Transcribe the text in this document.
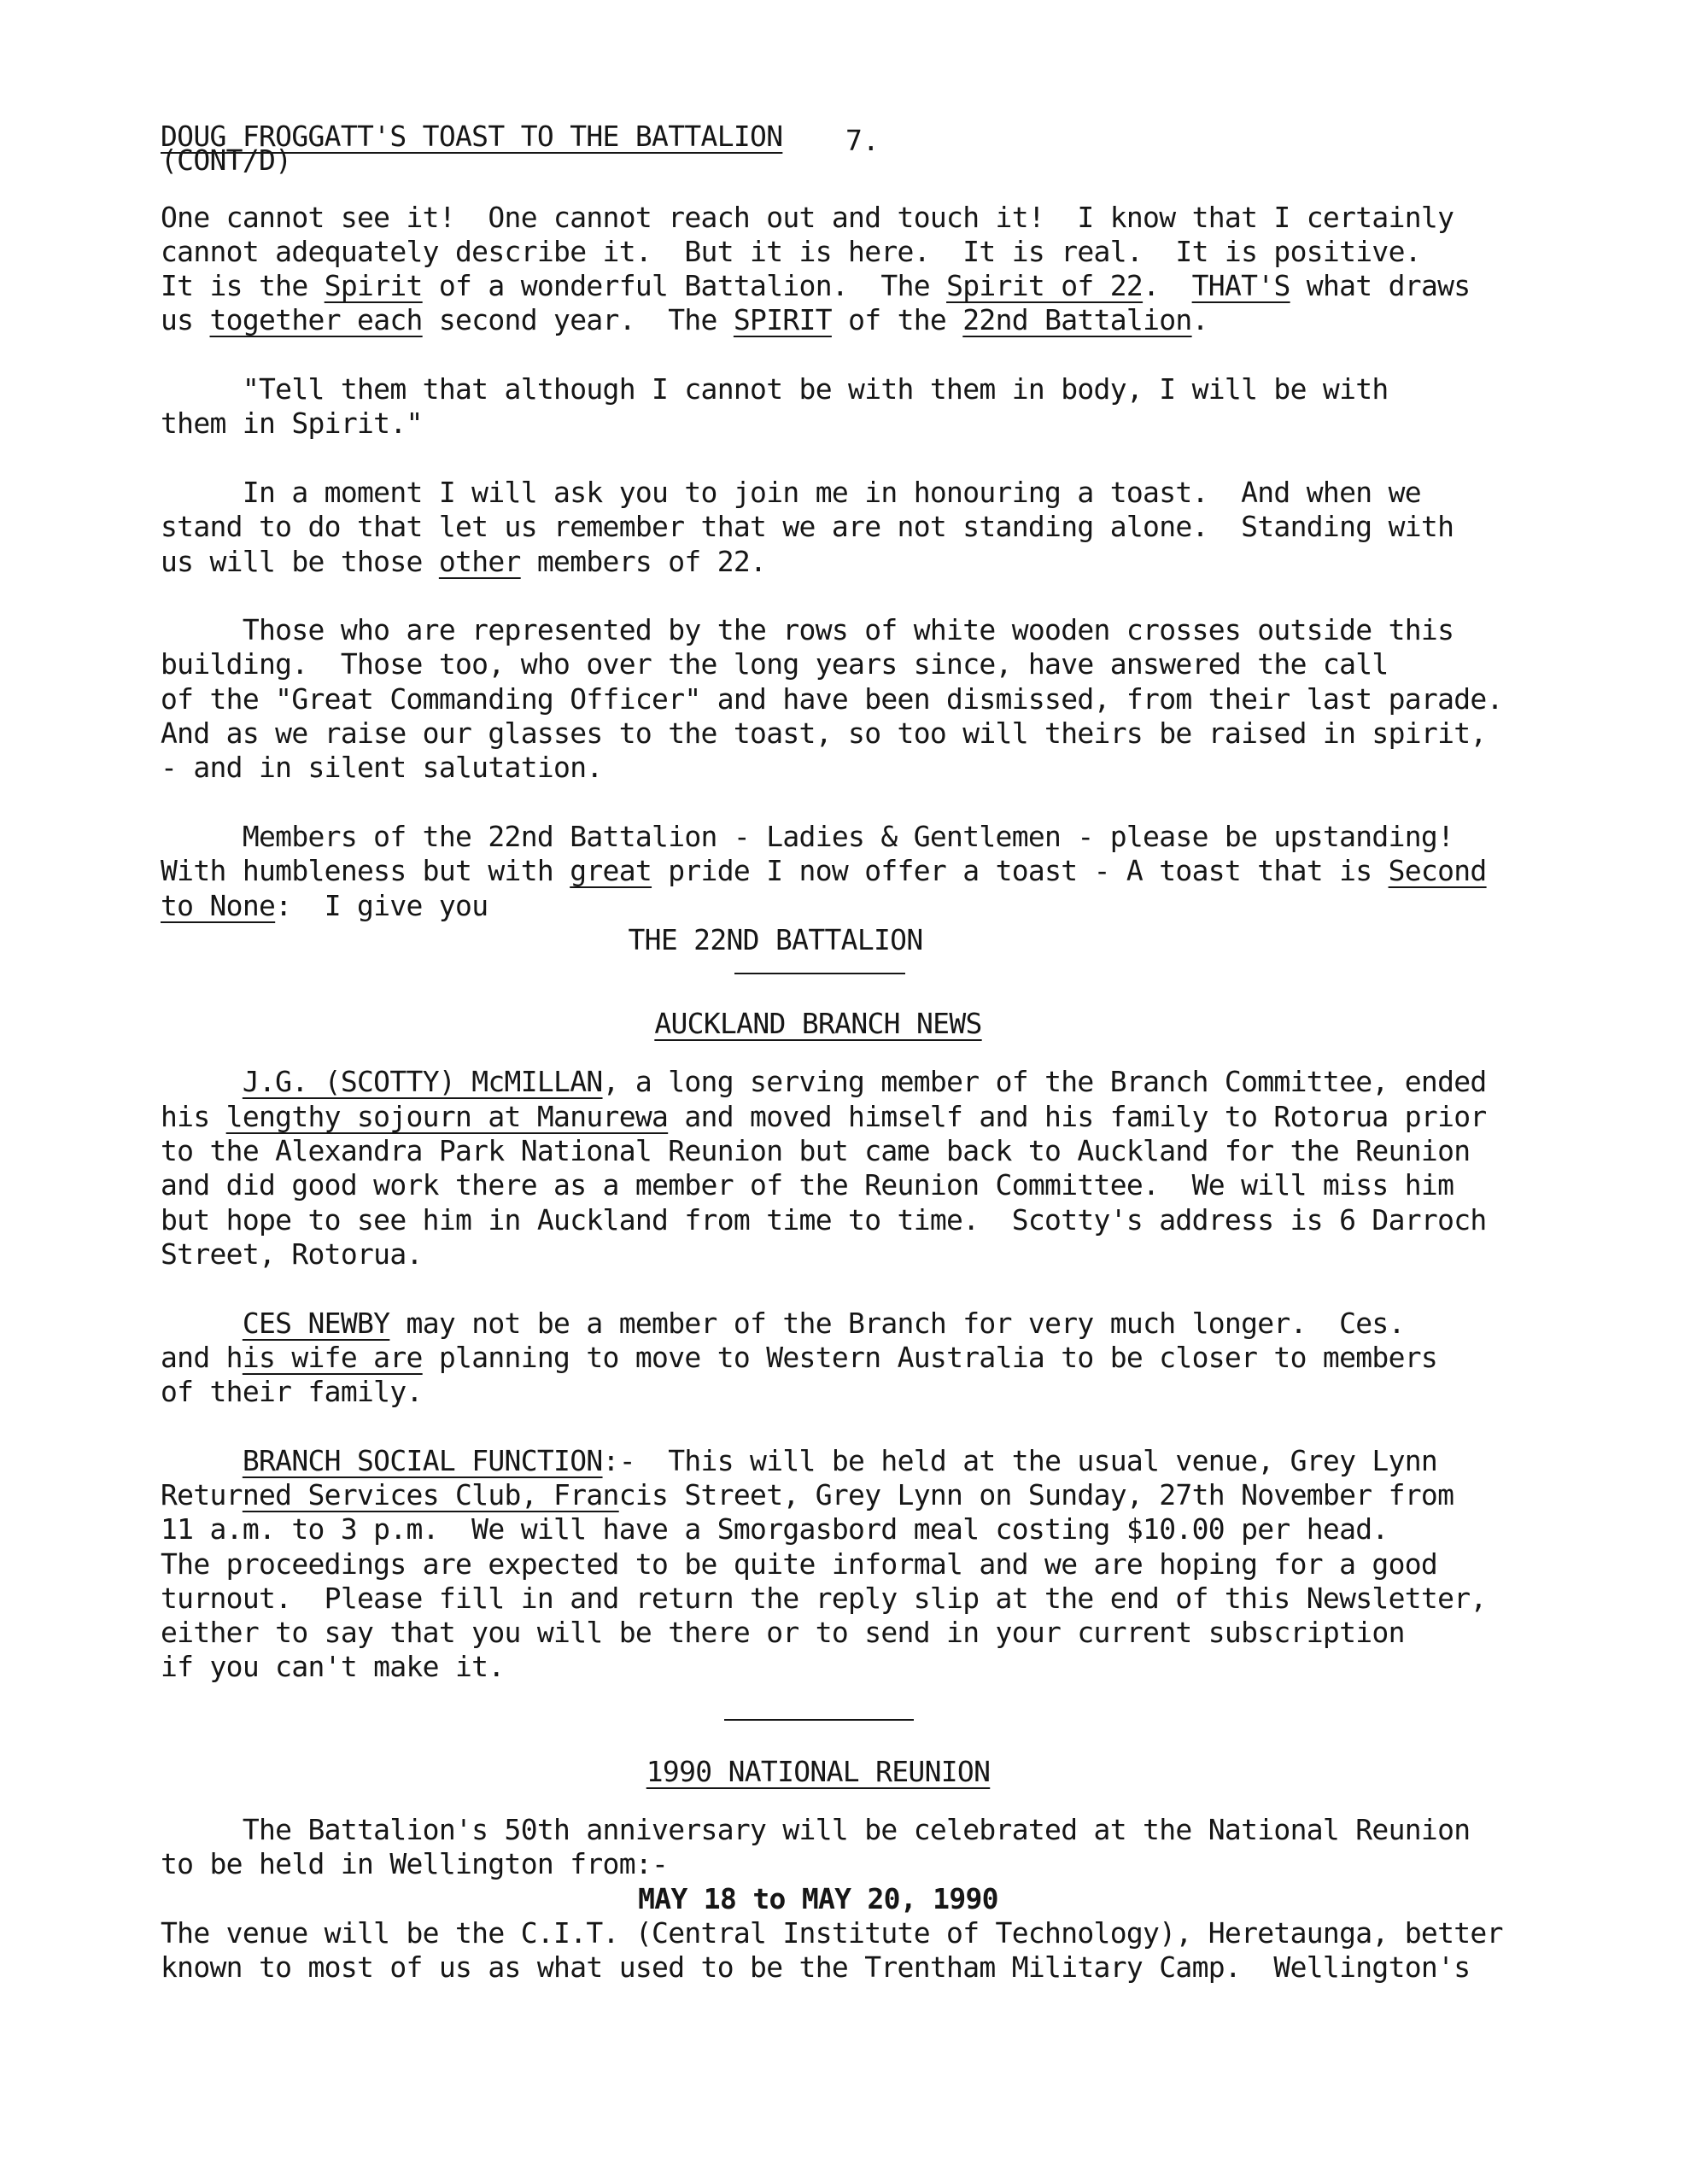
7.
DOUG FROGGATT'S TOAST TO THE BATTALION
(CONT/D)
One cannot see it!  One cannot reach out and touch it!  I know that I certainly
cannot adequately describe it.  But it is here.  It is real.  It is positive.
It is the Spirit of a wonderful Battalion.  The Spirit of 22.  THAT'S what draws
us together each second year.  The SPIRIT of the 22nd Battalion.
"Tell them that although I cannot be with them in body, I will be with
them in Spirit."
In a moment I will ask you to join me in honouring a toast.  And when we
stand to do that let us remember that we are not standing alone.  Standing with
us will be those other members of 22.
Those who are represented by the rows of white wooden crosses outside this
building.  Those too, who over the long years since, have answered the call
of the "Great Commanding Officer" and have been dismissed, from their last parade.
And as we raise our glasses to the toast, so too will theirs be raised in spirit,
- and in silent salutation.
Members of the 22nd Battalion - Ladies & Gentlemen - please be upstanding!
With humbleness but with great pride I now offer a toast - A toast that is Second
to None:  I give you
THE 22ND BATTALION
AUCKLAND BRANCH NEWS
J.G. (SCOTTY) McMILLAN, a long serving member of the Branch Committee, ended
his lengthy sojourn at Manurewa and moved himself and his family to Rotorua prior
to the Alexandra Park National Reunion but came back to Auckland for the Reunion
and did good work there as a member of the Reunion Committee.  We will miss him
but hope to see him in Auckland from time to time.  Scotty's address is 6 Darroch
Street, Rotorua.
CES NEWBY may not be a member of the Branch for very much longer.  Ces.
and his wife are planning to move to Western Australia to be closer to members
of their family.
BRANCH SOCIAL FUNCTION:-  This will be held at the usual venue, Grey Lynn
Returned Services Club, Francis Street, Grey Lynn on Sunday, 27th November from
11 a.m. to 3 p.m.  We will have a Smorgasbord meal costing $10.00 per head.
The proceedings are expected to be quite informal and we are hoping for a good
turnout.  Please fill in and return the reply slip at the end of this Newsletter,
either to say that you will be there or to send in your current subscription
if you can't make it.
1990 NATIONAL REUNION
The Battalion's 50th anniversary will be celebrated at the National Reunion
to be held in Wellington from:-
MAY 18 to MAY 20, 1990
The venue will be the C.I.T. (Central Institute of Technology), Heretaunga, better
known to most of us as what used to be the Trentham Military Camp.  Wellington's
